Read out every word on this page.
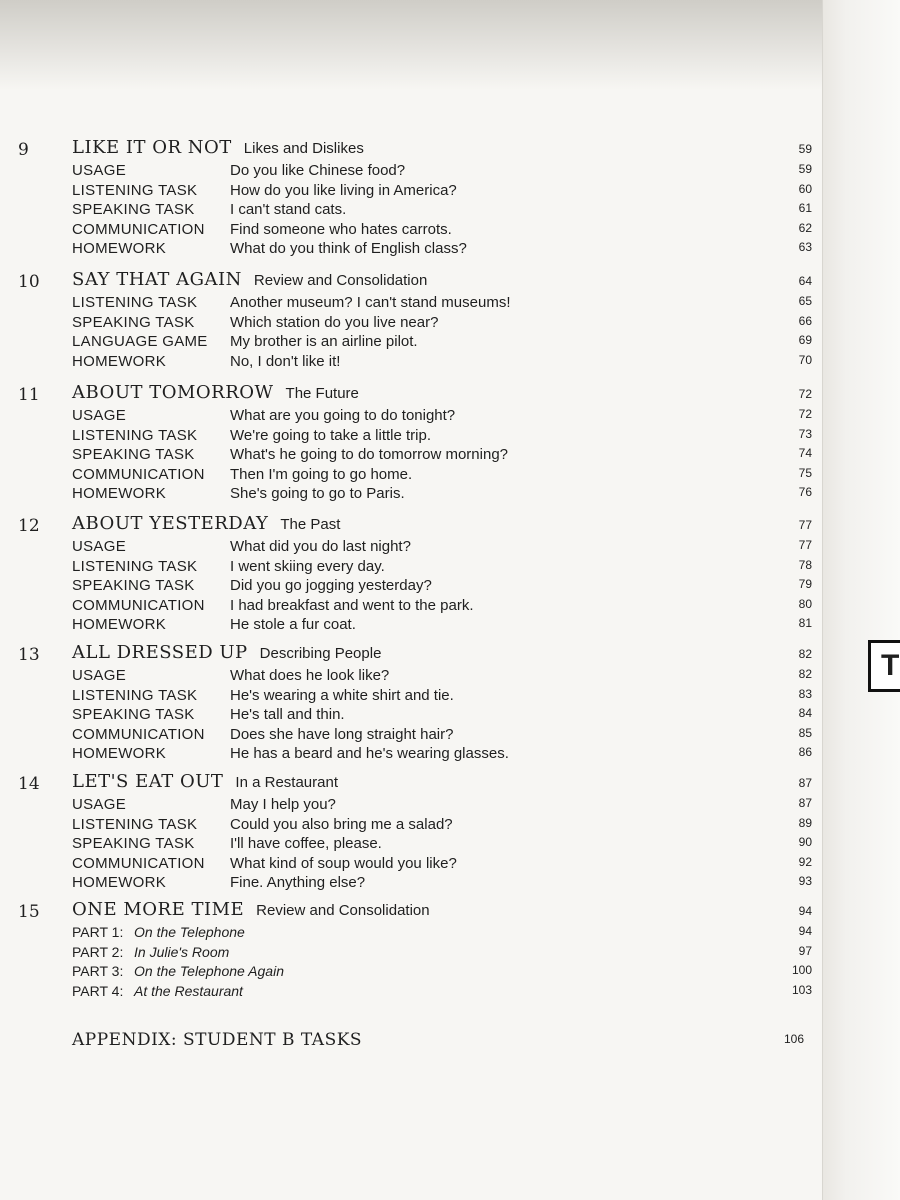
T
9 LIKE IT OR NOT Likes and Dislikes	59
USAGE	Do you like Chinese food?	59
LISTENING TASK How do you like living in America?	60
SPEAKING TASK I can't stand cats.	61
COMMUNICATION Find someone who hates carrots.	62
HOMEWORK	What do you think of English class?	63
10 SAY THAT AGAIN Review and Consolidation	64
LISTENING TASK Another museum? I can't stand museums!	65
SPEAKING TASK Which station do you live near?	66
LANGUAGE GAME My brother is an airline pilot.	69
HOMEWORK	No, I don't like it!	70
11 ABOUT TOMORROW The Future	72
USAGE	What are you going to do tonight?	72
LISTENING TASK We're going to take a little trip.	73
SPEAKING TASK What's he going to do tomorrow morning?	74
COMMUNICATION Then I'm going to go home.	75
HOMEWORK	She's going to go to Paris.	76
12 ABOUT YESTERDAY The Past	77
USAGE	What did you do last night?	77
LISTENING TASK I went skiing every day.	78
SPEAKING TASK Did you go jogging yesterday?	79
COMMUNICATION I had breakfast and went to the park.	80
HOMEWORK	He stole a fur coat.	81
13 ALL DRESSED UP Describing People	82
USAGE	What does he look like?	82
LISTENING TASK He's wearing a white shirt and tie.	83
SPEAKING TASK He's tall and thin.	84
COMMUNICATION Does she have long straight hair?	85
HOMEWORK	He has a beard and he's wearing glasses.	86
14 LET'S EAT OUT In a Restaurant	87
USAGE	May I help you?	87
LISTENING TASK Could you also bring me a salad?	89
SPEAKING TASK I'll have coffee, please.	90
COMMUNICATION What kind of soup would you like?	92
HOMEWORK	Fine. Anything else?	93
15 ONE MORE TIME Review and Consolidation	94
PART 1: On the Telephone	94
PART 2: In Julie's Room	97
PART 3: On the Telephone Again	100
PART 4: At the Restaurant	103
APPENDIX: STUDENT B TASKS	106
